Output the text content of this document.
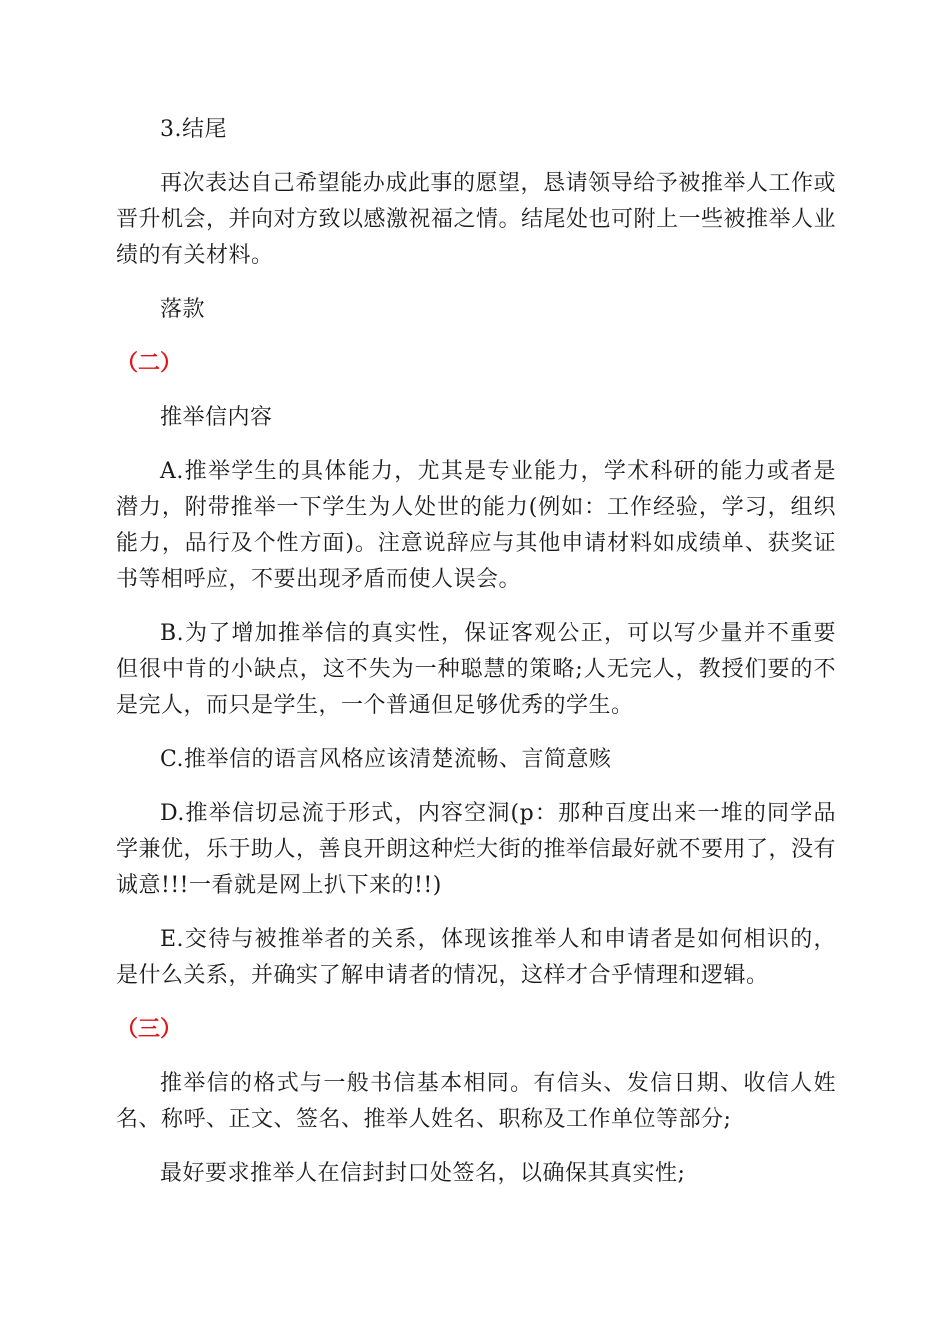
3.结尾

再次表达自己希望能办成此事的愿望，恳请领导给予被推举人工作或晋升机会，并向对方致以感激祝福之情。结尾处也可附上一些被推举人业绩的有关材料。

落款

（二）

推举信内容

A.推举学生的具体能力，尤其是专业能力，学术科研的能力或者是潜力，附带推举一下学生为人处世的能力(例如：工作经验，学习，组织能力，品行及个性方面)。注意说辞应与其他申请材料如成绩单、获奖证书等相呼应，不要出现矛盾而使人误会。

B.为了增加推举信的真实性，保证客观公正，可以写少量并不重要但很中肯的小缺点，这不失为一种聪慧的策略;人无完人，教授们要的不是完人，而只是学生，一个普通但足够优秀的学生。

C.推举信的语言风格应该清楚流畅、言简意赅

D.推举信切忌流于形式，内容空洞(p：那种百度出来一堆的同学品学兼优，乐于助人，善良开朗这种烂大街的推举信最好就不要用了，没有诚意!!!一看就是网上扒下来的!!)

E.交待与被推举者的关系，体现该推举人和申请者是如何相识的，是什么关系，并确实了解申请者的情况，这样才合乎情理和逻辑。

（三）

推举信的格式与一般书信基本相同。有信头、发信日期、收信人姓名、称呼、正文、签名、推举人姓名、职称及工作单位等部分;

最好要求推举人在信封封口处签名，以确保其真实性;
